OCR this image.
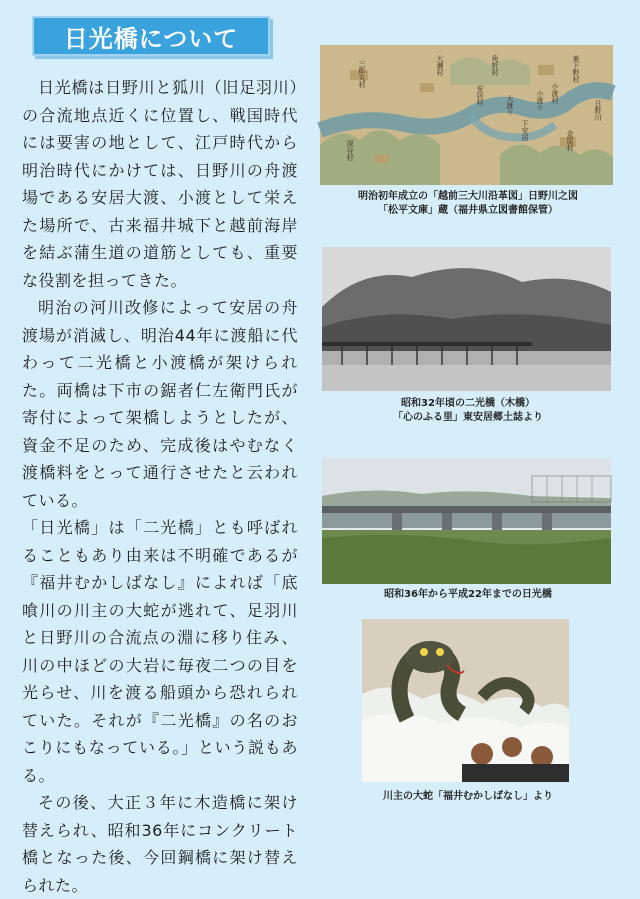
日光橋について

日光橋は日野川と狐川（旧足羽川）の合流地点近くに位置し、戦国時代には要害の地として、江戸時代から明治時代にかけては、日野川の舟渡場である安居大渡、小渡として栄えた場所で、古来福井城下と越前海岸を結ぶ蒲生道の道筋としても、重要な役割を担ってきた。

明治の河川改修によって安居の舟渡場が消滅し、明治44年に渡船に代わって二光橋と小渡橋が架けられた。両橋は下市の鋸者仁左衛門氏が寄付によって架橋しようとしたが、資金不足のため、完成後はやむなく渡橋料をとって通行させたと云われている。

「日光橋」は「二光橋」とも呼ばれることもあり由来は不明確であるが『福井むかしばなし』によれば「底喰川の川主の大蛇が逃れて、足羽川と日野川の合流点の淵に移り住み、川の中ほどの大岩に毎夜二つの目を光らせ、川を渡る船頭から恐れられていた。それが『二光橋』の名のおこりにもなっている。」という説もある。

その後、大正３年に木造橋に架け替えられ、昭和36年にコンクリート橋となった後、今回鋼橋に架け替えられた。

東下野村
日野川
小渡村
小渡り
大渡り
角折村
大瀬村
安居村
金屋村
三郎丸村
深谷村
下安居
明治初年成立の「越前三大川沿革図」日野川之図
「松平文庫」蔵（福井県立図書館保管）
昭和32年頃の二光橋（木橋）
「心のふる里」東安居郷土誌より
昭和36年から平成22年までの日光橋
川主の大蛇「福井むかしばなし」より
